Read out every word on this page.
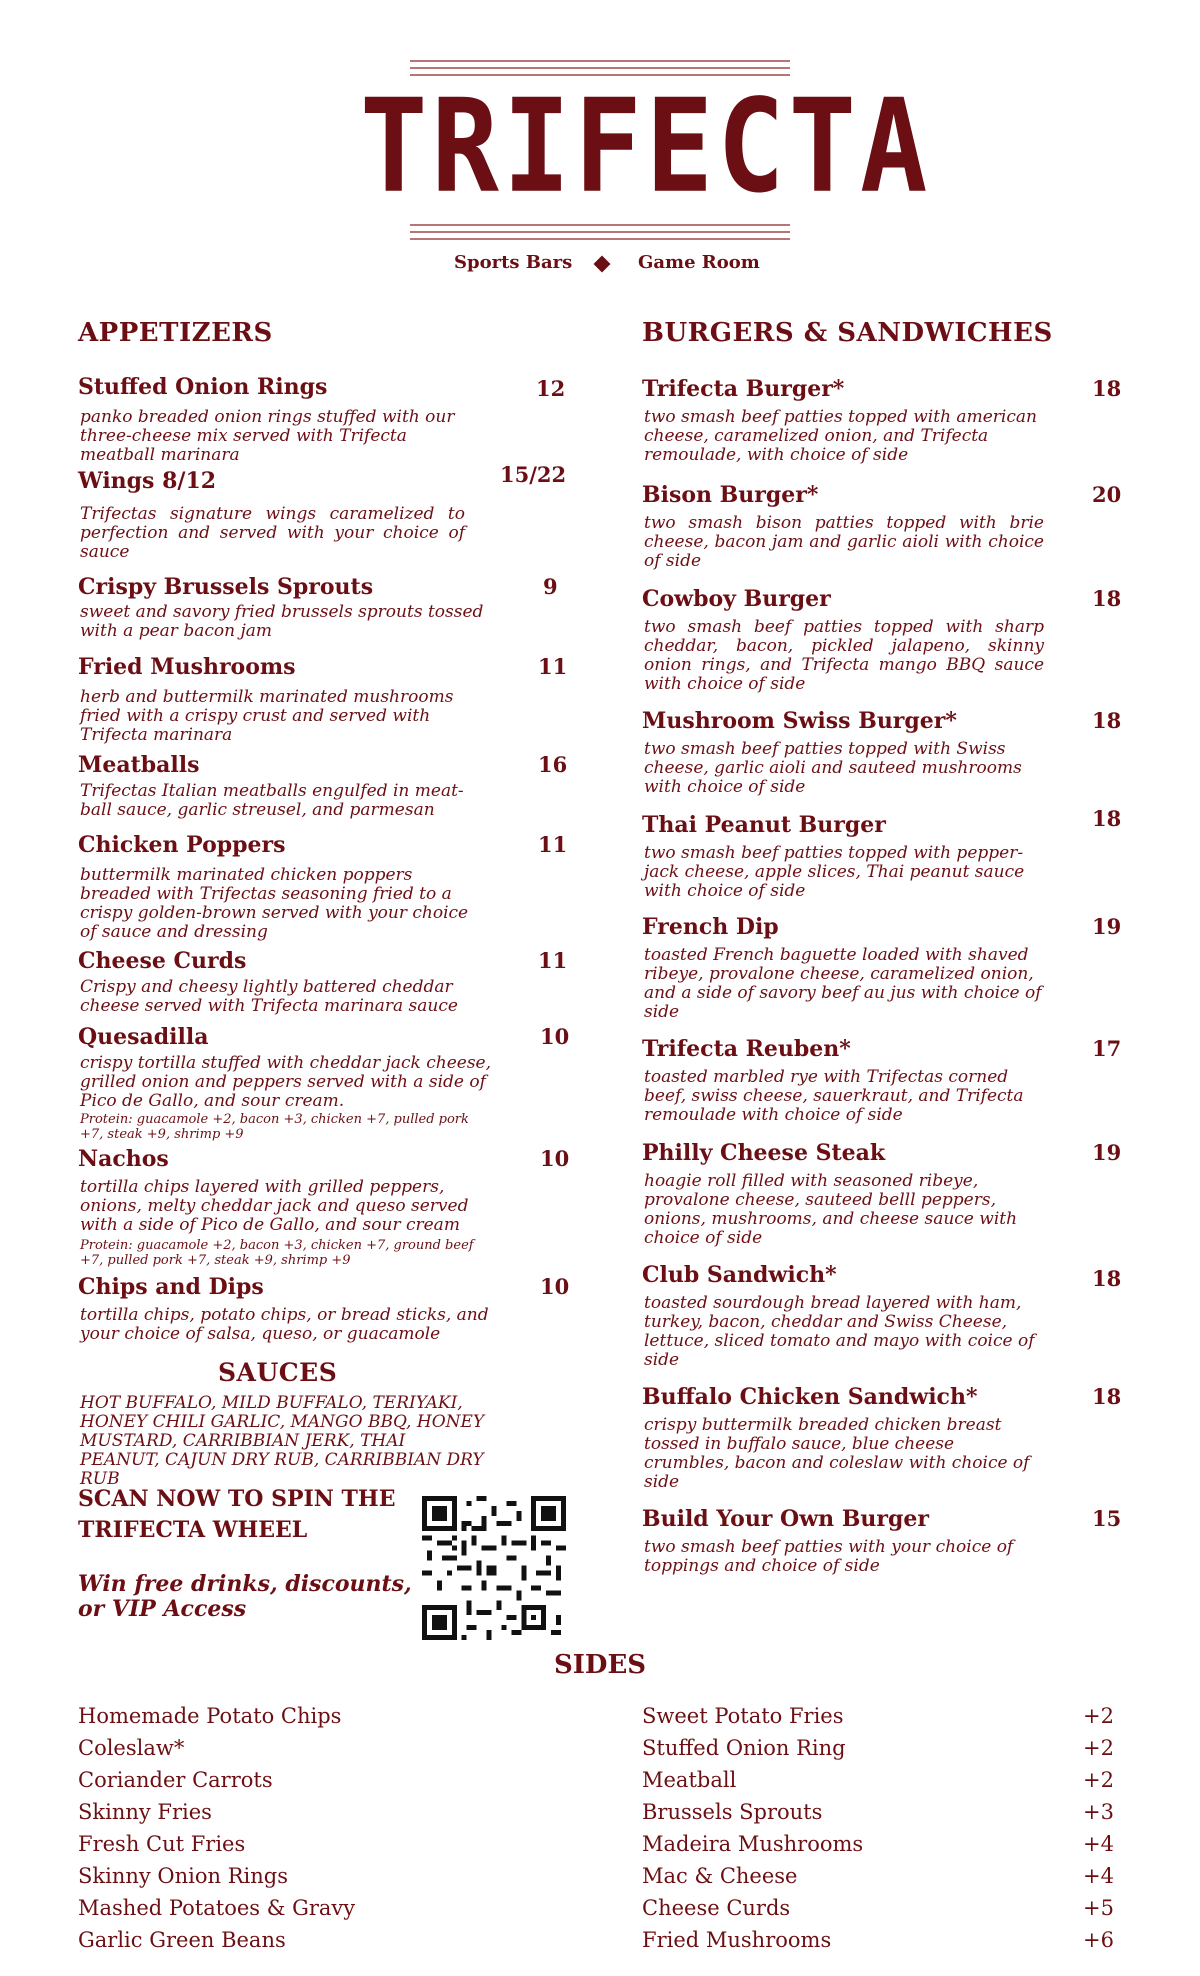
TRIFECTA
Sports Bars	Game Room
APPETIZERS
Stuffed Onion Rings	12
panko breaded onion rings stuffed with our three-cheese mix served with Trifecta meatball marinara
Wings 8/12	15/22
Trifectas signature wings caramelized to perfection and served with your choice of sauce
Crispy Brussels Sprouts	9
sweet and savory fried brussels sprouts tossed with a pear bacon jam
Fried Mushrooms	11
herb and buttermilk marinated mushrooms fried with a crispy crust and served with Trifecta marinara
Meatballs	16
Trifectas Italian meatballs engulfed in meat-ball sauce, garlic streusel, and parmesan
Chicken Poppers	11
buttermilk marinated chicken poppers breaded with Trifectas seasoning fried to a crispy golden-brown served with your choice of sauce and dressing
Cheese Curds	11
Crispy and cheesy lightly battered cheddar cheese served with Trifecta marinara sauce
Quesadilla	10
crispy tortilla stuffed with cheddar jack cheese, grilled onion and peppers served with a side of Pico de Gallo, and sour cream.
Protein: guacamole +2, bacon +3, chicken +7, pulled pork +7, steak +9, shrimp +9
Nachos	10
tortilla chips layered with grilled peppers, onions, melty cheddar jack and queso served with a side of Pico de Gallo, and sour cream
Protein: guacamole +2, bacon +3, chicken +7, ground beef +7, pulled pork +7, steak +9, shrimp +9
Chips and Dips	10
tortilla chips, potato chips, or bread sticks, and your choice of salsa, queso, or guacamole
SAUCES
HOT BUFFALO, MILD BUFFALO, TERIYAKI, HONEY CHILI GARLIC, MANGO BBQ, HONEY MUSTARD, CARRIBBIAN JERK, THAI PEANUT, CAJUN DRY RUB, CARRIBBIAN DRY RUB
SCAN NOW TO SPIN THE TRIFECTA WHEEL
Win free drinks, discounts, or VIP Access
BURGERS & SANDWICHES
Trifecta Burger*	18
two smash beef patties topped with american cheese, caramelized onion, and Trifecta remoulade, with choice of side
Bison Burger*	20
two smash bison patties topped with brie cheese, bacon jam and garlic aioli with choice of side
Cowboy Burger	18
two smash beef patties topped with sharp cheddar, bacon, pickled jalapeno, skinny onion rings, and Trifecta mango BBQ sauce with choice of side
Mushroom Swiss Burger*	18
two smash beef patties topped with Swiss cheese, garlic aioli and sauteed mushrooms with choice of side
Thai Peanut Burger	18
two smash beef patties topped with pepper-jack cheese, apple slices, Thai peanut sauce with choice of side
French Dip	19
toasted French baguette loaded with shaved ribeye, provalone cheese, caramelized onion, and a side of savory beef au jus with choice of side
Trifecta Reuben*	17
toasted marbled rye with Trifectas corned beef, swiss cheese, sauerkraut, and Trifecta remoulade with choice of side
Philly Cheese Steak	19
hoagie roll filled with seasoned ribeye, provalone cheese, sauteed belll peppers, onions, mushrooms, and cheese sauce with choice of side
Club Sandwich*	18
toasted sourdough bread layered with ham, turkey, bacon, cheddar and Swiss Cheese, lettuce, sliced tomato and mayo with coice of side
Buffalo Chicken Sandwich*	18
crispy buttermilk breaded chicken breast tossed in buffalo sauce, blue cheese crumbles, bacon and coleslaw with choice of side
Build Your Own Burger	15
two smash beef patties with your choice of toppings and choice of side
SIDES
Homemade Potato Chips
Coleslaw*
Coriander Carrots
Skinny Fries
Fresh Cut Fries
Skinny Onion Rings
Mashed Potatoes & Gravy
Garlic Green Beans
Sweet Potato Fries	+2
Stuffed Onion Ring	+2
Meatball	+2
Brussels Sprouts	+3
Madeira Mushrooms	+4
Mac & Cheese	+4
Cheese Curds	+5
Fried Mushrooms	+6
